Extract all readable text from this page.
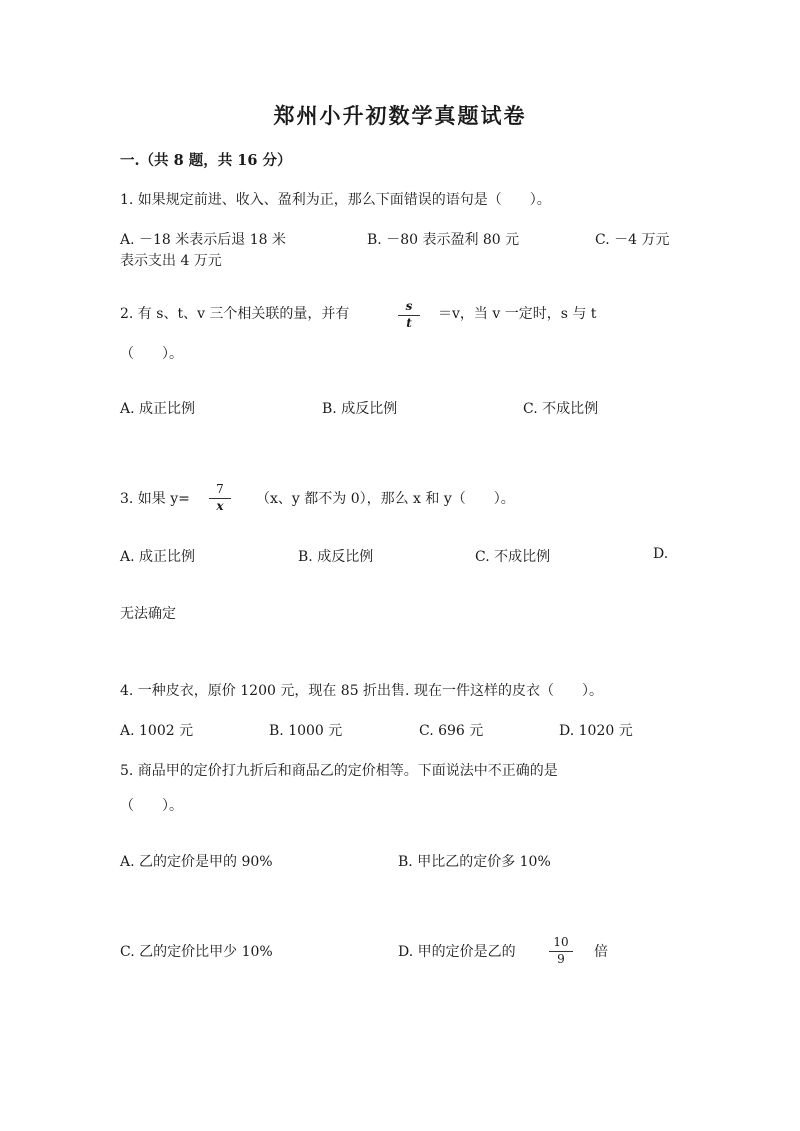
郑州小升初数学真题试卷
一.（共 8 题，共 16 分）
1. 如果规定前进、收入、盈利为正，那么下面错误的语句是（　　）。
A. －18 米表示后退 18 米	B. －80 表示盈利 80 元	C. －4 万元
表示支出 4 万元
2. 有 s、t、v 三个相关联的量，并有	s
t
＝v，当 v 一定时，s 与 t
（　　）。
A. 成正比例	B. 成反比例	C. 不成比例
3. 如果 y=
7
x （x、y 都不为 0），那么 x 和 y（　　）。
A. 成正比例	B. 成反比例	C. 不成比例	D.
无法确定
4. 一种皮衣，原价 1200 元，现在 85 折出售. 现在一件这样的皮衣（　　）。
A. 1002 元	B. 1000 元	C. 696 元	D. 1020 元
5. 商品甲的定价打九折后和商品乙的定价相等。下面说法中不正确的是
（　　）。
A. 乙的定价是甲的 90%	B. 甲比乙的定价多 10%
C. 乙的定价比甲少 10%	D. 甲的定价是乙的
10
9 倍
